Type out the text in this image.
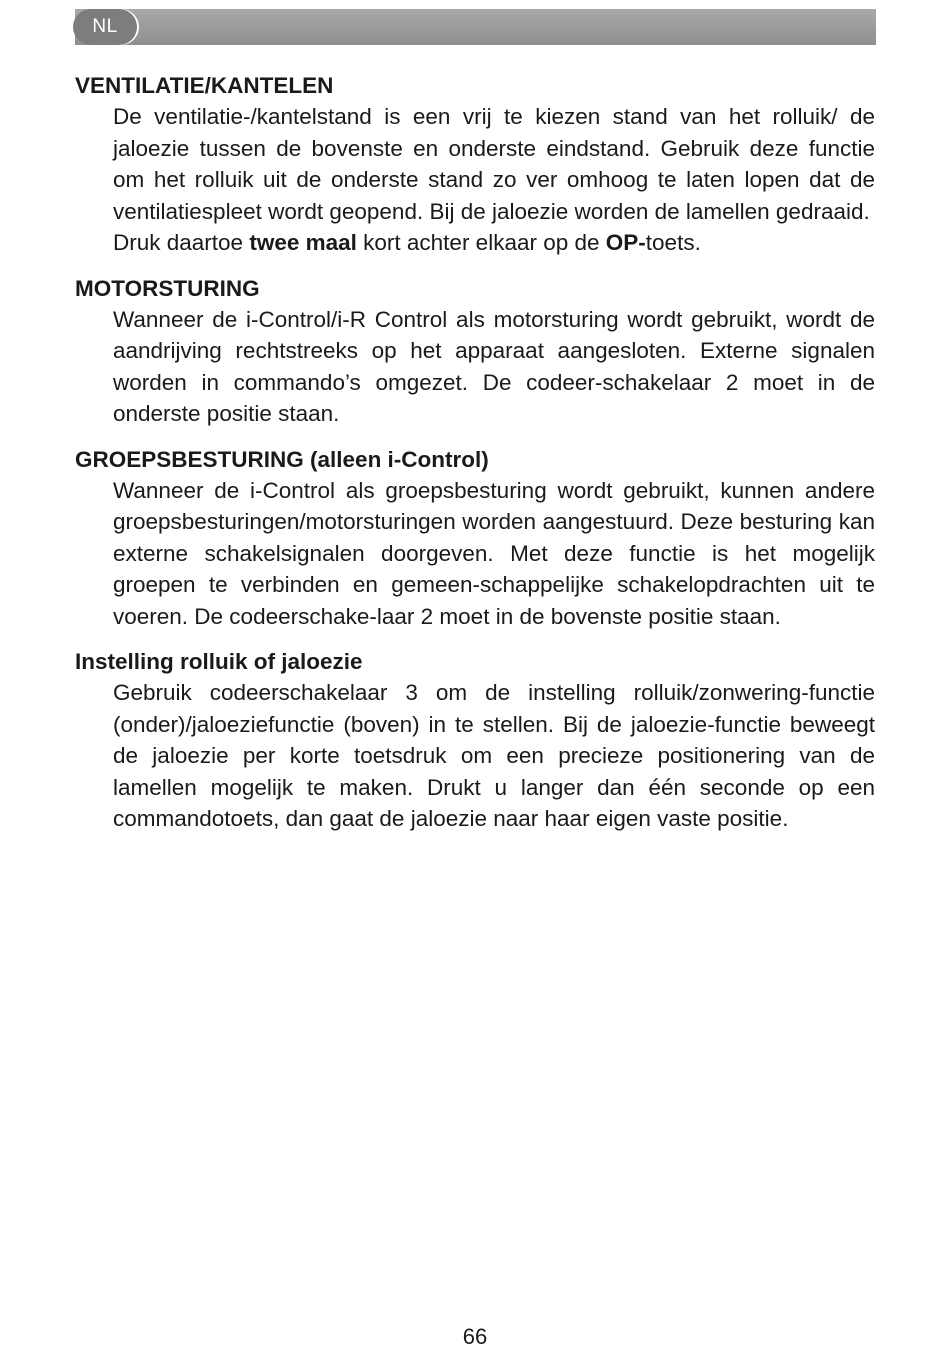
NL
VENTILATIE/KANTELEN

De ventilatie-/kantelstand is een vrij te kiezen stand van het rolluik/ de jaloezie tussen de bovenste en onderste eindstand. Gebruik deze functie om het rolluik uit de onderste stand zo ver omhoog te laten lopen dat de ventilatiespleet wordt geopend. Bij de jaloezie worden de lamellen gedraaid.

Druk daartoe twee maal kort achter elkaar op de OP-toets.

MOTORSTURING

Wanneer de i-Control/i-R Control als motorsturing wordt gebruikt, wordt de aandrijving rechtstreeks op het apparaat aangesloten. Externe signalen worden in commando’s omgezet. De codeer-schakelaar 2 moet in de onderste positie staan.

GROEPSBESTURING (alleen i-Control)

Wanneer de i-Control als groepsbesturing wordt gebruikt, kunnen andere groepsbesturingen/motorsturingen worden aangestuurd. Deze besturing kan externe schakelsignalen doorgeven. Met deze functie is het mogelijk groepen te verbinden en gemeen-schappelijke schakelopdrachten uit te voeren. De codeerschake-laar 2 moet in de bovenste positie staan.

Instelling rolluik of jaloezie

Gebruik codeerschakelaar 3 om de instelling rolluik/zonwering-functie (onder)/jaloeziefunctie (boven) in te stellen. Bij de jaloezie-functie beweegt de jaloezie per korte toetsdruk om een precieze positionering van de lamellen mogelijk te maken. Drukt u langer dan één seconde op een commandotoets, dan gaat de jaloezie naar haar eigen vaste positie.

66
